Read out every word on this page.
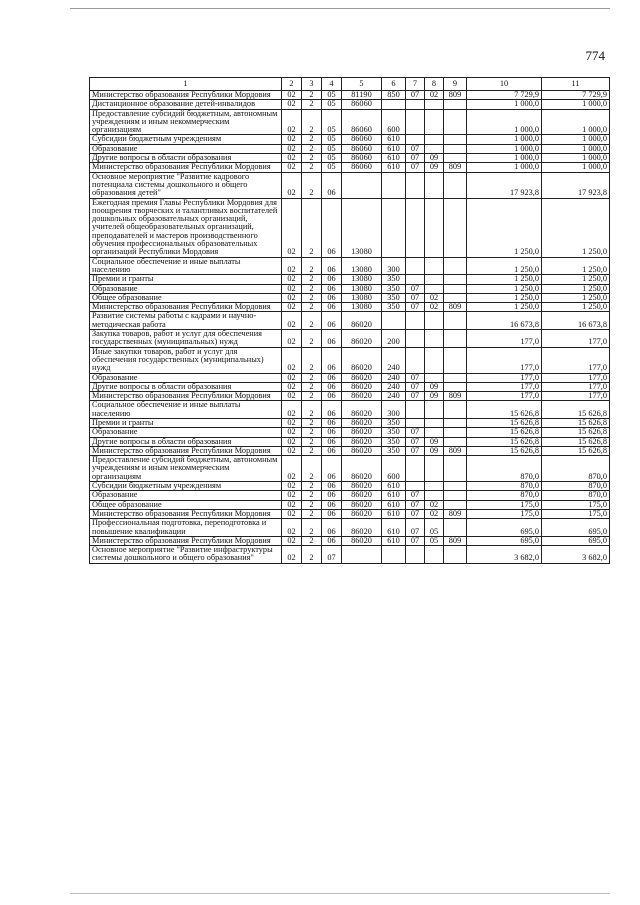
774
1	2	3	4	5	6	7	8	9	10	11
Министерство образования Республики Мордовия	02	2	05	81190	850	07	02	809	7 729,9	7 729,9
Дистанционное образование детей-инвалидов	02	2	05	86060					1 000,0	1 000,0
Предоставление субсидий бюджетным, автономным учреждениям и иным некоммерческим организациям	02	2	05	86060	600				1 000,0	1 000,0
Субсидии бюджетным учреждениям	02	2	05	86060	610				1 000,0	1 000,0
Образование	02	2	05	86060	610	07			1 000,0	1 000,0
Другие вопросы в области образования	02	2	05	86060	610	07	09		1 000,0	1 000,0
Министерство образования Республики Мордовия	02	2	05	86060	610	07	09	809	1 000,0	1 000,0
Основное мероприятие "Развитие кадрового потенциала системы дошкольного и общего образования детей"	02	2	06						17 923,8	17 923,8
Ежегодная премия Главы Республики Мордовия для поощрения творческих и талантливых воспитателей дошкольных образовательных организаций, учителей общеобразовательных организаций, преподавателей и мастеров производственного обучения профессиональных образовательных организаций Республики Мордовия	02	2	06	13080					1 250,0	1 250,0
Социальное обеспечение и иные выплаты населению	02	2	06	13080	300				1 250,0	1 250,0
Премии и гранты	02	2	06	13080	350				1 250,0	1 250,0
Образование	02	2	06	13080	350	07			1 250,0	1 250,0
Общее образование	02	2	06	13080	350	07	02		1 250,0	1 250,0
Министерство образования Республики Мордовия	02	2	06	13080	350	07	02	809	1 250,0	1 250,0
Развитие системы работы с кадрами и научно-методическая работа	02	2	06	86020					16 673,8	16 673,8
Закупка товаров, работ и услуг для обеспечения государственных (муниципальных) нужд	02	2	06	86020	200				177,0	177,0
Иные закупки товаров, работ и услуг для обеспечения государственных (муниципальных) нужд	02	2	06	86020	240				177,0	177,0
Образование	02	2	06	86020	240	07			177,0	177,0
Другие вопросы в области образования	02	2	06	86020	240	07	09		177,0	177,0
Министерство образования Республики Мордовия	02	2	06	86020	240	07	09	809	177,0	177,0
Социальное обеспечение и иные выплаты населению	02	2	06	86020	300				15 626,8	15 626,8
Премии и гранты	02	2	06	86020	350				15 626,8	15 626,8
Образование	02	2	06	86020	350	07			15 626,8	15 626,8
Другие вопросы в области образования	02	2	06	86020	350	07	09		15 626,8	15 626,8
Министерство образования Республики Мордовия	02	2	06	86020	350	07	09	809	15 626,8	15 626,8
Предоставление субсидий бюджетным, автономным учреждениям и иным некоммерческим организациям	02	2	06	86020	600				870,0	870,0
Субсидии бюджетным учреждениям	02	2	06	86020	610				870,0	870,0
Образование	02	2	06	86020	610	07			870,0	870,0
Общее образование	02	2	06	86020	610	07	02		175,0	175,0
Министерство образования Республики Мордовия	02	2	06	86020	610	07	02	809	175,0	175,0
Профессиональная подготовка, переподготовка и повышение квалификации	02	2	06	86020	610	07	05		695,0	695,0
Министерство образования Республики Мордовия	02	2	06	86020	610	07	05	809	695,0	695,0
Основное мероприятие "Развитие инфраструктуры системы дошкольного и общего образования"	02	2	07						3 682,0	3 682,0
